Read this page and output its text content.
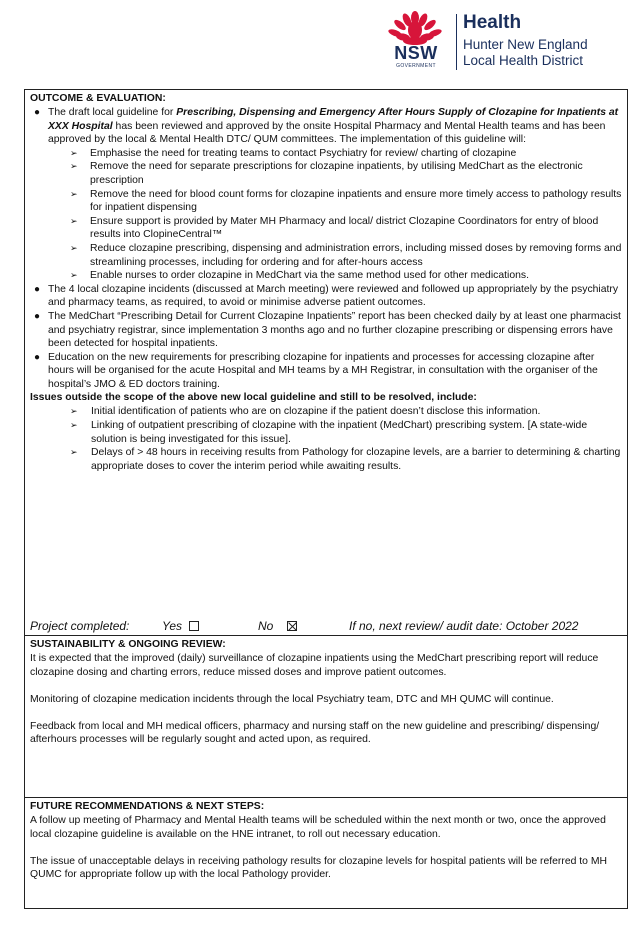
NSW
GOVERNMENT
Health
Hunter New England
Local Health District
OUTCOME & EVALUATION:
● The draft local guideline for Prescribing, Dispensing and Emergency After Hours Supply of Clozapine for Inpatients at XXX Hospital has been reviewed and approved by the onsite Hospital Pharmacy and Mental Health teams and has been approved by the local & Mental Health DTC/ QUM committees. The implementation of this guideline will:
➢ Emphasise the need for treating teams to contact Psychiatry for review/ charting of clozapine
➢ Remove the need for separate prescriptions for clozapine inpatients, by utilising MedChart as the electronic prescription
➢ Remove the need for blood count forms for clozapine inpatients and ensure more timely access to pathology results for inpatient dispensing
➢ Ensure support is provided by Mater MH Pharmacy and local/ district Clozapine Coordinators for entry of blood results into ClopineCentral™
➢ Reduce clozapine prescribing, dispensing and administration errors, including missed doses by removing forms and streamlining processes, including for ordering and for after-hours access
➢ Enable nurses to order clozapine in MedChart via the same method used for other medications.
● The 4 local clozapine incidents (discussed at March meeting) were reviewed and followed up appropriately by the psychiatry and pharmacy teams, as required, to avoid or minimise adverse patient outcomes.
● The MedChart “Prescribing Detail for Current Clozapine Inpatients” report has been checked daily by at least one pharmacist and psychiatry registrar, since implementation 3 months ago and no further clozapine prescribing or dispensing errors have been detected for hospital inpatients.
● Education on the new requirements for prescribing clozapine for inpatients and processes for accessing clozapine after hours will be organised for the acute Hospital and MH teams by a MH Registrar, in consultation with the organiser of the hospital’s JMO & ED doctors training.
Issues outside the scope of the above new local guideline and still to be resolved, include:
➢ Initial identification of patients who are on clozapine if the patient doesn’t disclose this information.
➢ Linking of outpatient prescribing of clozapine with the inpatient (MedChart) prescribing system. [A state-wide solution is being investigated for this issue].
➢ Delays of > 48 hours in receiving results from Pathology for clozapine levels, are a barrier to determining & charting appropriate doses to cover the interim period while awaiting results.
Project completed:	Yes	No	If no, next review/ audit date: October 2022
SUSTAINABILITY & ONGOING REVIEW:

It is expected that the improved (daily) surveillance of clozapine inpatients using the MedChart prescribing report will reduce clozapine dosing and charting errors, reduce missed doses and improve patient outcomes.

Monitoring of clozapine medication incidents through the local Psychiatry team, DTC and MH QUMC will continue.

Feedback from local and MH medical officers, pharmacy and nursing staff on the new guideline and prescribing/ dispensing/ afterhours processes will be regularly sought and acted upon, as required.

FUTURE RECOMMENDATIONS & NEXT STEPS:

A follow up meeting of Pharmacy and Mental Health teams will be scheduled within the next month or two, once the approved local clozapine guideline is available on the HNE intranet, to roll out necessary education.

The issue of unacceptable delays in receiving pathology results for clozapine levels for hospital patients will be referred to MH QUMC for appropriate follow up with the local Pathology provider.
